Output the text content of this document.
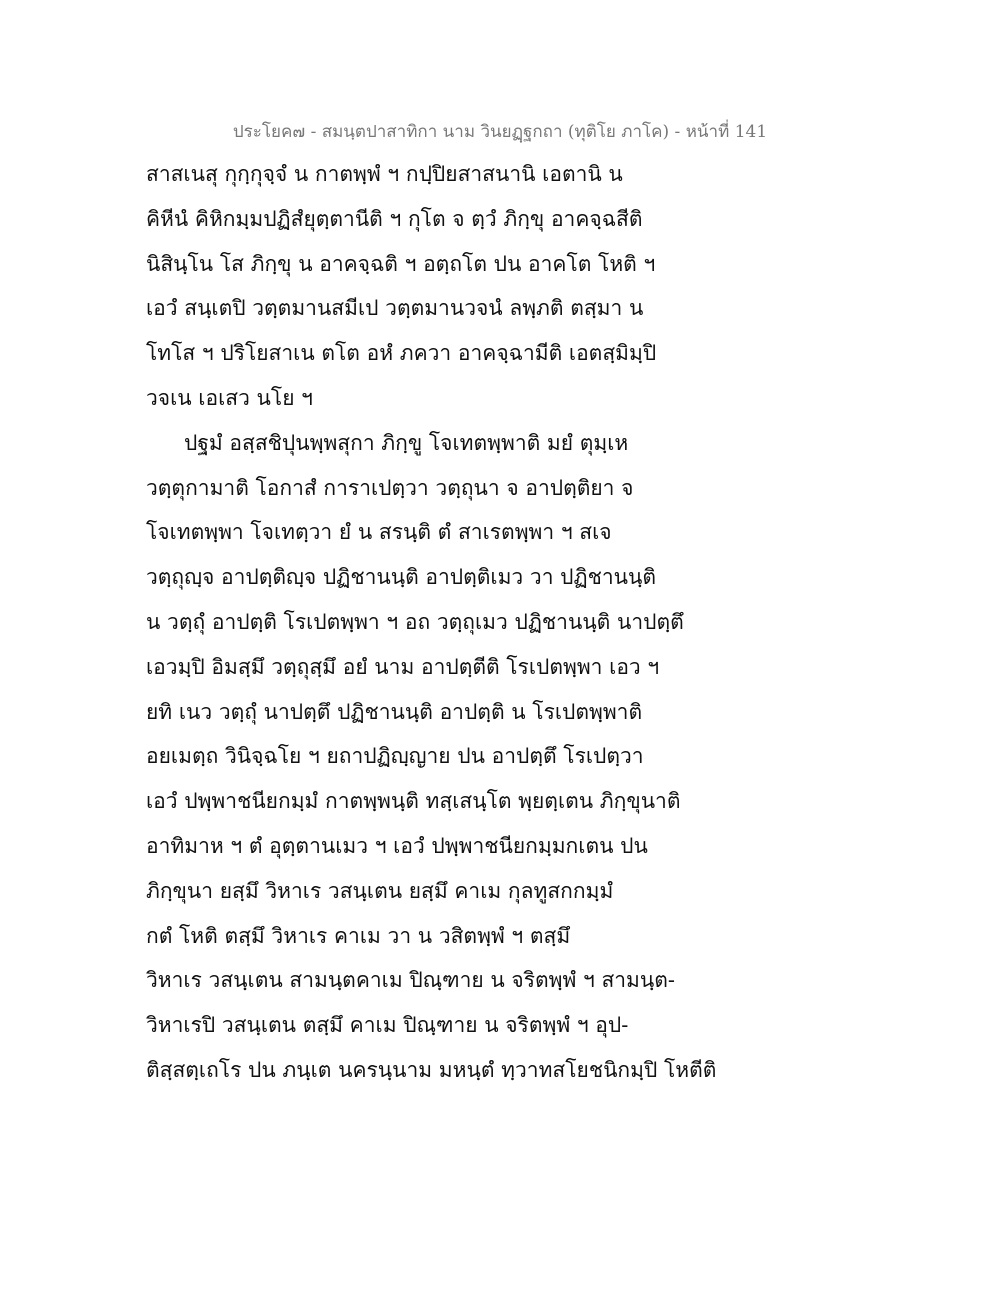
ประโยค๗ - สมนฺตปาสาทิกา นาม วินยฏฺฐกถา (ทุติโย ภาโค) - หน้าที่ 141
สาสเนสุ กุกฺกุจฺจํ น กาตพฺพํ ฯ กปฺปิยสาสนานิ เอตานิ น
คิหีนํ คิหิกมฺมปฏิสํยุตฺตานีติ ฯ กุโต จ ตฺวํ ภิกฺขุ อาคจฺฉสีติ
นิสินฺโน โส ภิกฺขุ น อาคจฺฉติ ฯ อตฺถโต ปน อาคโต โหติ ฯ
เอวํ สนฺเตปิ วตฺตมานสมีเป วตฺตมานวจนํ ลพฺภติ ตสฺมา น
โทโส ฯ ปริโยสาเน ตโต อหํ ภควา อาคจฺฉามีติ เอตสฺมิมฺปิ
วจเน เอเสว นโย ฯ
ปฐมํ อสฺสชิปุนพฺพสุกา ภิกฺขู โจเทตพฺพาติ มยํ ตุมฺเห
วตฺตุกามาติ โอกาสํ การาเปตฺวา วตฺถุนา จ อาปตฺติยา จ
โจเทตพฺพา โจเทตฺวา ยํ น สรนฺติ ตํ สาเรตพฺพา ฯ สเจ
วตฺถุญฺจ อาปตฺติญฺจ ปฏิชานนฺติ อาปตฺติเมว วา ปฏิชานนฺติ
น วตฺถุํ อาปตฺติ โรเปตพฺพา ฯ อถ วตฺถุเมว ปฏิชานนฺติ นาปตฺตึ
เอวมฺปิ อิมสฺมึ วตฺถุสฺมึ อยํ นาม อาปตฺตีติ โรเปตพฺพา เอว ฯ
ยทิ เนว วตฺถุํ นาปตฺตึ ปฏิชานนฺติ อาปตฺติ น โรเปตพฺพาติ
อยเมตฺถ วินิจฺฉโย ฯ ยถาปฏิญฺญาย ปน อาปตฺตึ โรเปตฺวา
เอวํ ปพฺพาชนียกมฺมํ กาตพฺพนฺติ ทสฺเสนฺโต พฺยตฺเตน ภิกฺขุนาติ
อาทิมาห ฯ ตํ อุตฺตานเมว ฯ เอวํ ปพฺพาชนียกมฺมกเตน ปน
ภิกฺขุนา ยสฺมึ วิหาเร วสนฺเตน ยสฺมึ คาเม กุลทูสกกมฺมํ
กตํ โหติ ตสฺมึ วิหาเร คาเม วา น วสิตพฺพํ ฯ ตสฺมึ
วิหาเร วสนฺเตน สามนฺตคาเม ปิณฺฑาย น จริตพฺพํ ฯ สามนฺต-
วิหาเรปิ วสนฺเตน ตสฺมึ คาเม ปิณฺฑาย น จริตพฺพํ ฯ อุป-
ติสฺสตฺเถโร ปน ภนฺเต นครนฺนาม มหนฺตํ ทฺวาทสโยชนิกมฺปิ โหตีติ
